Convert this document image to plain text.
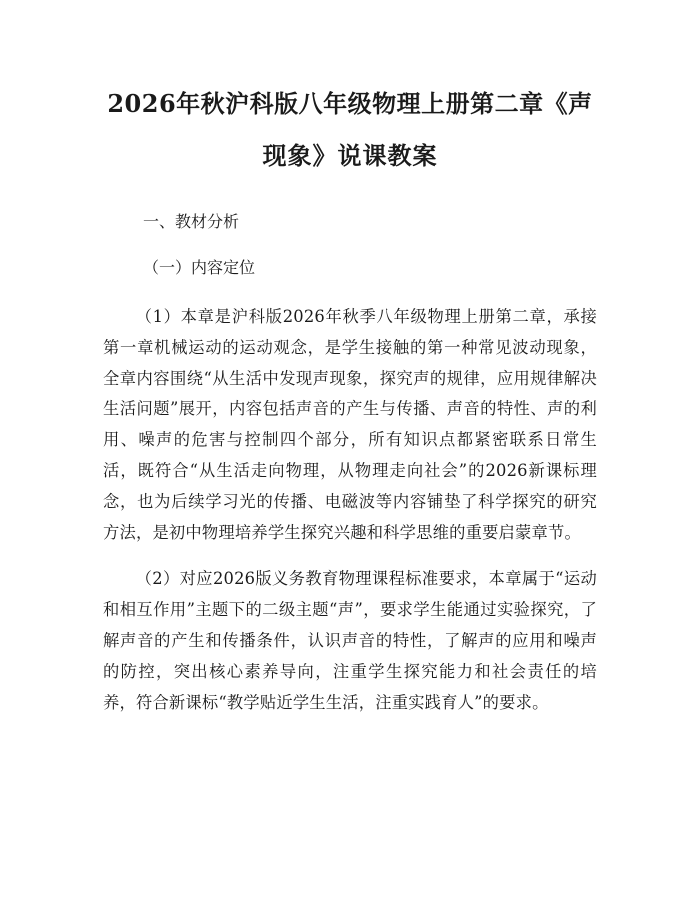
2026年秋沪科版八年级物理上册第二章《声
现象》说课教案
一、教材分析
（一）内容定位

（1）本章是沪科版2026年秋季八年级物理上册第二章，承接第一章机械运动的运动观念，是学生接触的第一种常见波动现象，全章内容围绕“从生活中发现声现象，探究声的规律，应用规律解决生活问题”展开，内容包括声音的产生与传播、声音的特性、声的利用、噪声的危害与控制四个部分，所有知识点都紧密联系日常生活，既符合“从生活走向物理，从物理走向社会”的2026新课标理念，也为后续学习光的传播、电磁波等内容铺垫了科学探究的研究方法，是初中物理培养学生探究兴趣和科学思维的重要启蒙章节。

（2）对应2026版义务教育物理课程标准要求，本章属于“运动和相互作用”主题下的二级主题“声”，要求学生能通过实验探究，了解声音的产生和传播条件，认识声音的特性，了解声的应用和噪声的防控，突出核心素养导向，注重学生探究能力和社会责任的培养，符合新课标“教学贴近学生生活，注重实践育人”的要求。
